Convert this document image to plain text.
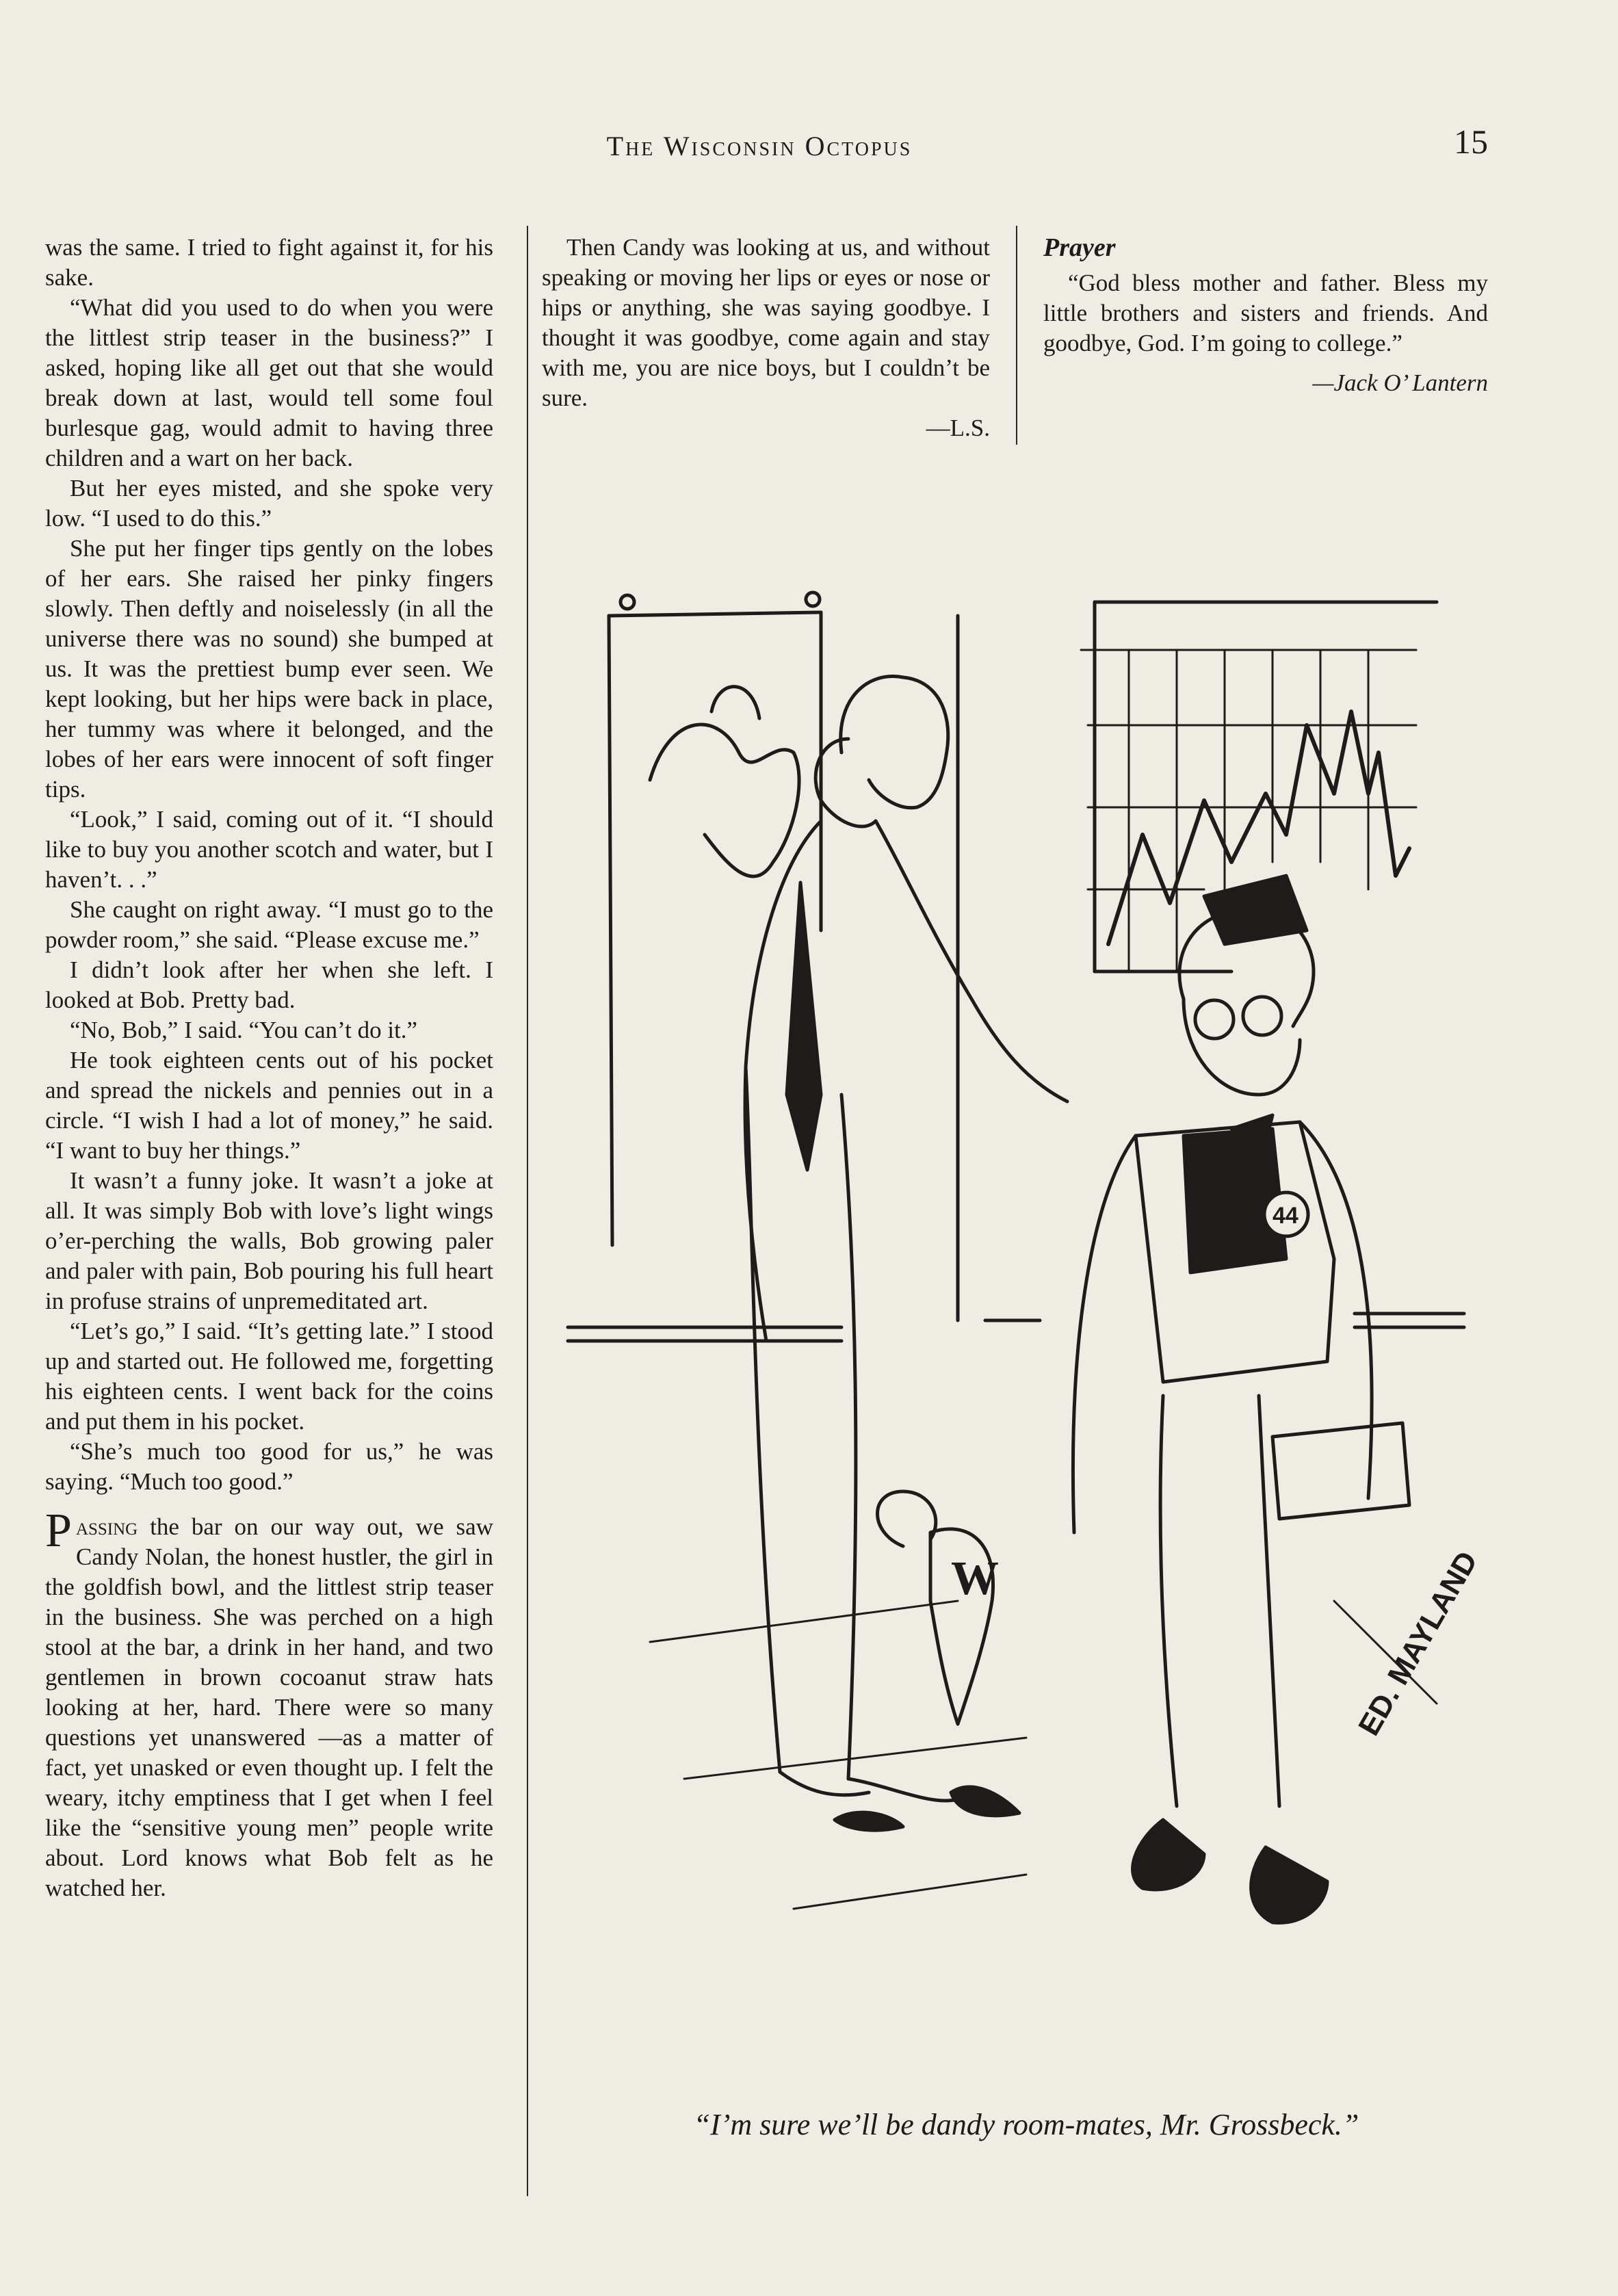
The Wisconsin Octopus	15

was the same. I tried to fight against it, for his sake.

“What did you used to do when you were the littlest strip teaser in the business?” I asked, hoping like all get out that she would break down at last, would tell some foul burlesque gag, would admit to having three children and a wart on her back.

But her eyes misted, and she spoke very low. “I used to do this.”

She put her finger tips gently on the lobes of her ears. She raised her pinky fingers slowly. Then deftly and noiselessly (in all the universe there was no sound) she bumped at us. It was the prettiest bump ever seen. We kept looking, but her hips were back in place, her tummy was where it belonged, and the lobes of her ears were innocent of soft finger tips.

“Look,” I said, coming out of it. “I should like to buy you another scotch and water, but I haven’t. . .”

She caught on right away. “I must go to the powder room,” she said. “Please excuse me.”

I didn’t look after her when she left. I looked at Bob. Pretty bad.

“No, Bob,” I said. “You can’t do it.”

He took eighteen cents out of his pocket and spread the nickels and pennies out in a circle. “I wish I had a lot of money,” he said. “I want to buy her things.”

It wasn’t a funny joke. It wasn’t a joke at all. It was simply Bob with love’s light wings o’er-perching the walls, Bob growing paler and paler with pain, Bob pouring his full heart in profuse strains of unpremeditated art.

“Let’s go,” I said. “It’s getting late.” I stood up and started out. He followed me, forgetting his eighteen cents. I went back for the coins and put them in his pocket.

“She’s much too good for us,” he was saying. “Much too good.”

Passing the bar on our way out, we saw Candy Nolan, the honest hustler, the girl in the goldfish bowl, and the littlest strip teaser in the business. She was perched on a high stool at the bar, a drink in her hand, and two gentlemen in brown cocoanut straw hats looking at her, hard. There were so many questions yet unanswered —as a matter of fact, yet unasked or even thought up. I felt the weary, itchy emptiness that I get when I feel like the “sensitive young men” people write about. Lord knows what Bob felt as he watched her.

Then Candy was looking at us, and without speaking or moving her lips or eyes or nose or hips or anything, she was saying goodbye. I thought it was goodbye, come again and stay with me, you are nice boys, but I couldn’t be sure.

—L.S.
Prayer

“God bless mother and father. Bless my little brothers and sisters and friends. And goodbye, God. I’m going to college.”

—Jack O’ Lantern
W
44
ED. MAYLAND
“I’m sure we’ll be dandy room-mates, Mr. Grossbeck.”
